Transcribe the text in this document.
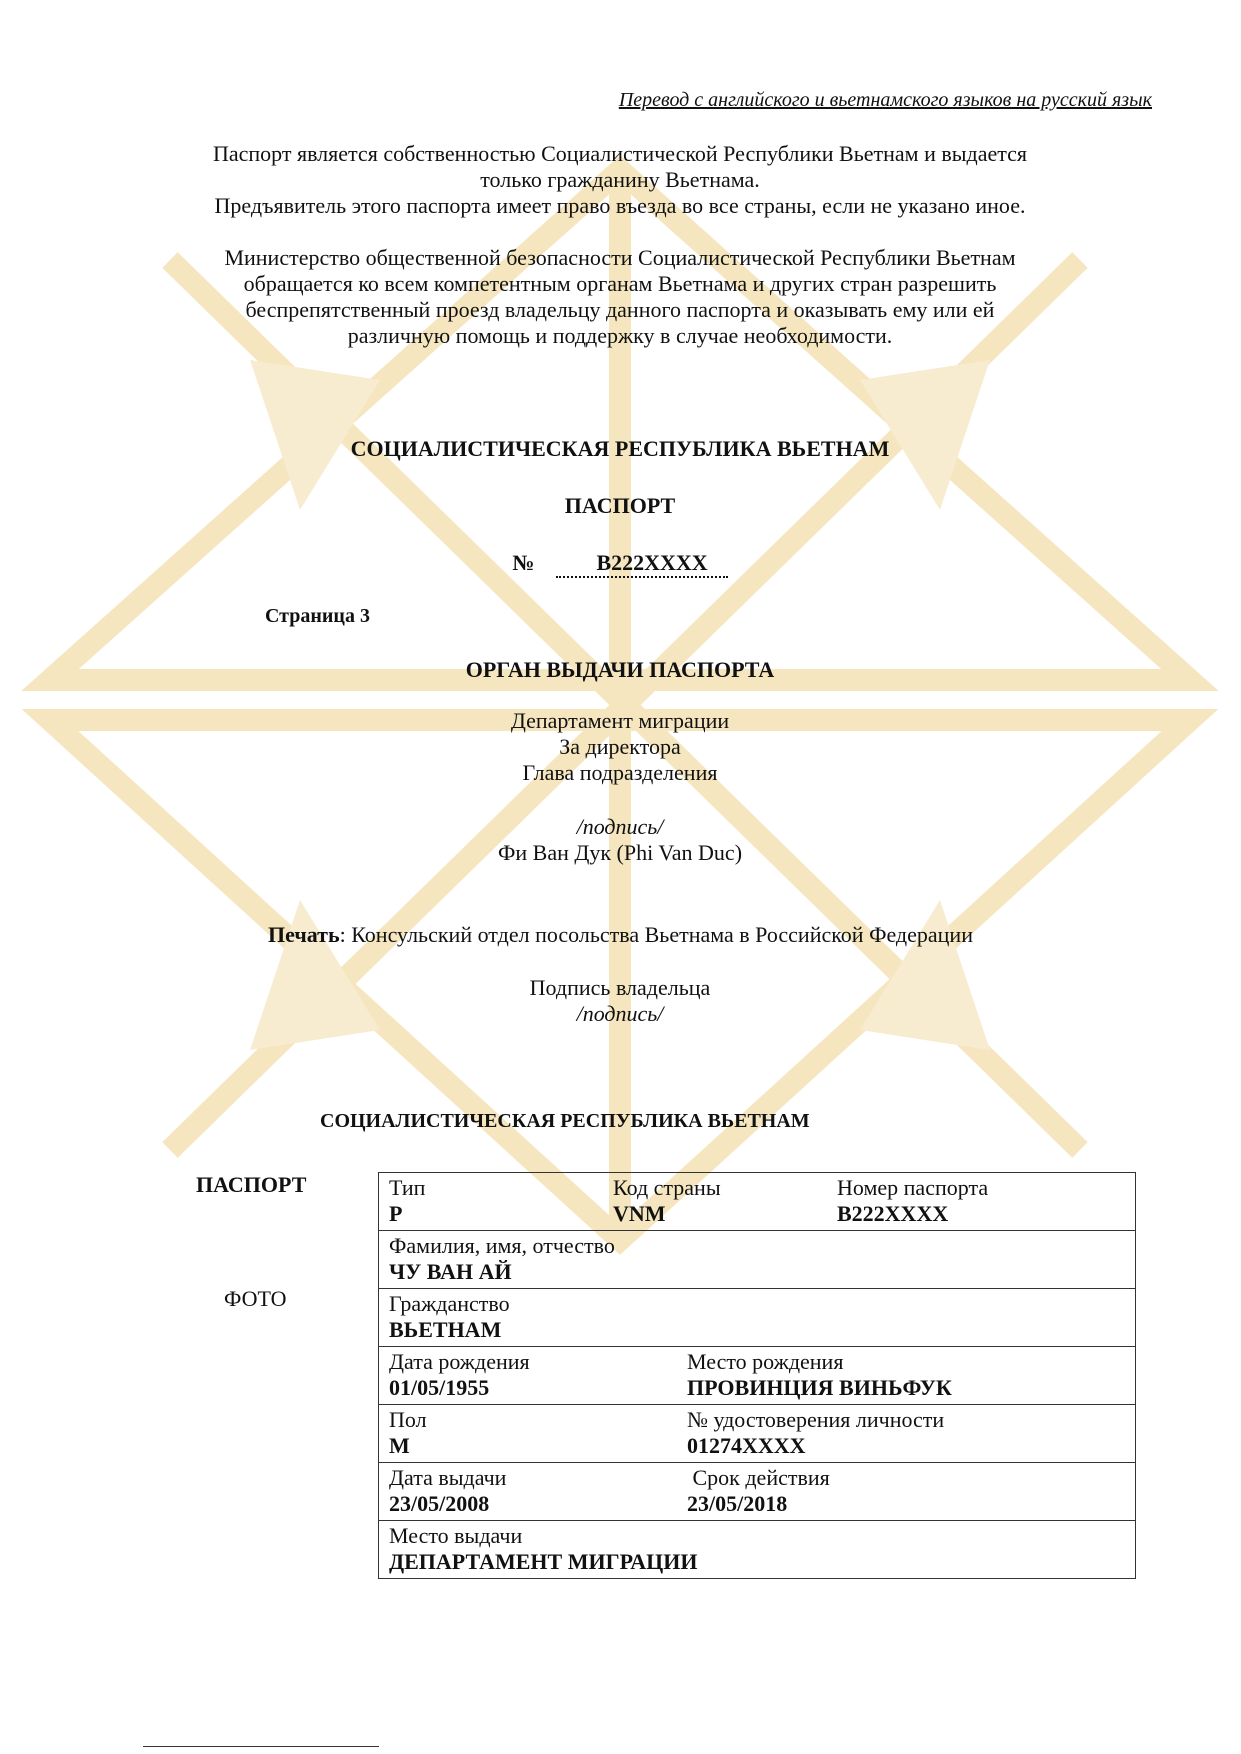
Перевод с английского и вьетнамского языков на русский язык
Паспорт является собственностью Социалистической Республики Вьетнам и выдается
только гражданину Вьетнама.
Предъявитель этого паспорта имеет право въезда во все страны, если не указано иное.
Министерство общественной безопасности Социалистической Республики Вьетнам
обращается ко всем компетентным органам Вьетнама и других стран разрешить
беспрепятственный проезд владельцу данного паспорта и оказывать ему или ей
различную помощь и поддержку в случае необходимости.
СОЦИАЛИСТИЧЕСКАЯ РЕСПУБЛИКА ВЬЕТНАМ
ПАСПОРТ
№	B222XXXX
Страница 3
ОРГАН ВЫДАЧИ ПАСПОРТА
Департамент миграции
За директора
Глава подразделения
/подпись/
Фи Ван Дук (Phi Van Duc)
Печать: Консульский отдел посольства Вьетнама в Российской Федерации
Подпись владельца
/подпись/
СОЦИАЛИСТИЧЕСКАЯ РЕСПУБЛИКА ВЬЕТНАМ
ПАСПОРТ
ФОТО
Тип
P
Код страны
VNM
Номер паспорта
B222XXXX

Фамилия, имя, отчество
ЧУ ВАН АЙ

Гражданство
ВЬЕТНАМ

Дата рождения
01/05/1955
Место рождения
ПРОВИНЦИЯ ВИНЬФУК

Пол
M
№ удостоверения личности
01274XXXX

Дата выдачи
23/05/2008
Срок действия
23/05/2018

Место выдачи
ДЕПАРТАМЕНТ МИГРАЦИИ
